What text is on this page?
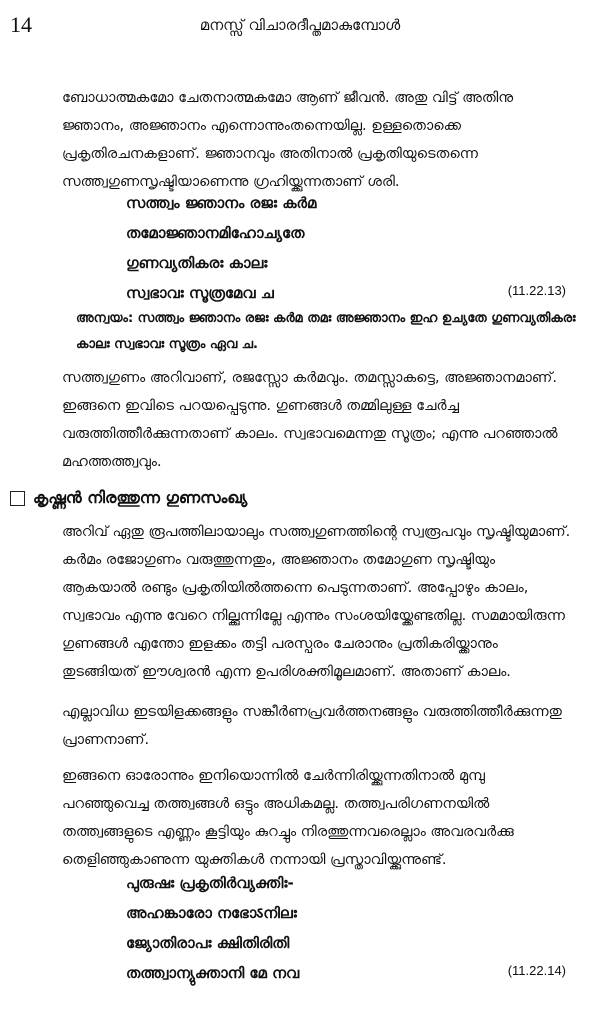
14	മനസ്സ് വിചാരദീപ്തമാകുമ്പോൾ

ബോധാത്മകമോ ചേതനാത്മകമോ ആണ് ജീവൻ. അതു വിട്ട് അതിനു ജ്ഞാനം, അജ്ഞാനം എന്നൊന്നുംതന്നെയില്ല. ഉള്ളതൊക്കെ പ്രകൃതിരചനകളാണ്. ജ്ഞാനവും അതിനാൽ പ്രകൃതിയുടെതന്നെ സത്ത്വഗുണസൃഷ്ടിയാണെന്നു ഗ്രഹിയ്ക്കുന്നതാണ് ശരി.

സത്ത്വം ജ്ഞാനം രജഃ കർമ
തമോജ്ഞാനമിഹോച്യതേ
ഗുണവ്യതികരഃ കാലഃ
സ്വഭാവഃ സൂത്രമേവ ച	(11.22.13)

അന്വയം: സത്ത്വം ജ്ഞാനം രജഃ കർമ തമഃ അജ്ഞാനം ഇഹ ഉച്യതേ ഗുണവ്യതികരഃ കാലഃ സ്വഭാവഃ സൂത്രം ഏവ ച.

സത്ത്വഗുണം അറിവാണ്, രജസ്സോ കർമവും. തമസ്സാകട്ടെ, അജ്ഞാനമാണ്. ഇങ്ങനെ ഇവിടെ പറയപ്പെടുന്നു. ഗുണങ്ങൾ തമ്മിലുള്ള ചേർച്ച വരുത്തിത്തീർക്കുന്നതാണ് കാലം. സ്വഭാവമെന്നതു സൂത്രം; എന്നു പറഞ്ഞാൽ മഹത്തത്ത്വവും.

കൃഷ്ണൻ നിരത്തുന്ന ഗുണസംഖ്യ

അറിവ് ഏതു രൂപത്തിലായാലും സത്ത്വഗുണത്തിന്റെ സ്വരൂപവും സൃഷ്ടിയുമാണ്. കർമം രജോഗുണം വരുത്തുന്നതും, അജ്ഞാനം തമോഗുണ സൃഷ്ടിയും ആകയാൽ രണ്ടും പ്രകൃതിയിൽത്തന്നെ പെടുന്നതാണ്. അപ്പോഴും കാലം, സ്വഭാവം എന്നു വേറെ നില്ക്കുന്നില്ലേ എന്നും സംശയിയ്ക്കേണ്ടതില്ല. സമമായിരുന്ന ഗുണങ്ങൾ എന്തോ ഇളക്കം തട്ടി പരസ്പരം ചേരാനും പ്രതികരിയ്ക്കാനും തുടങ്ങിയത് ഈശ്വരൻ എന്ന ഉപരിശക്തിമൂലമാണ്. അതാണ് കാലം.

എല്ലാവിധ ഇടയിളക്കങ്ങളും സങ്കീർണപ്രവർത്തനങ്ങളും വരുത്തിത്തീർക്കുന്നതു പ്രാണനാണ്.

ഇങ്ങനെ ഓരോന്നും ഇനിയൊന്നിൽ ചേർന്നിരിയ്ക്കുന്നതിനാൽ മുമ്പു പറഞ്ഞുവെച്ച തത്ത്വങ്ങൾ ഒട്ടും അധികമല്ല. തത്ത്വപരിഗണനയിൽ തത്ത്വങ്ങളുടെ എണ്ണം കൂട്ടിയും കുറച്ചും നിരത്തുന്നവരെല്ലാം അവരവർക്കു തെളിഞ്ഞുകാണുന്ന യുക്തികൾ നന്നായി പ്രസ്താവിയ്ക്കുന്നുണ്ട്.

പുരുഷഃ പ്രകൃതിർവ്യക്തിഃ-
അഹങ്കാരോ നഭോऽനിലഃ
ജ്യോതിരാപഃ ക്ഷിതിരിതി
തത്ത്വാന്യുക്താനി മേ നവ	(11.22.14)
